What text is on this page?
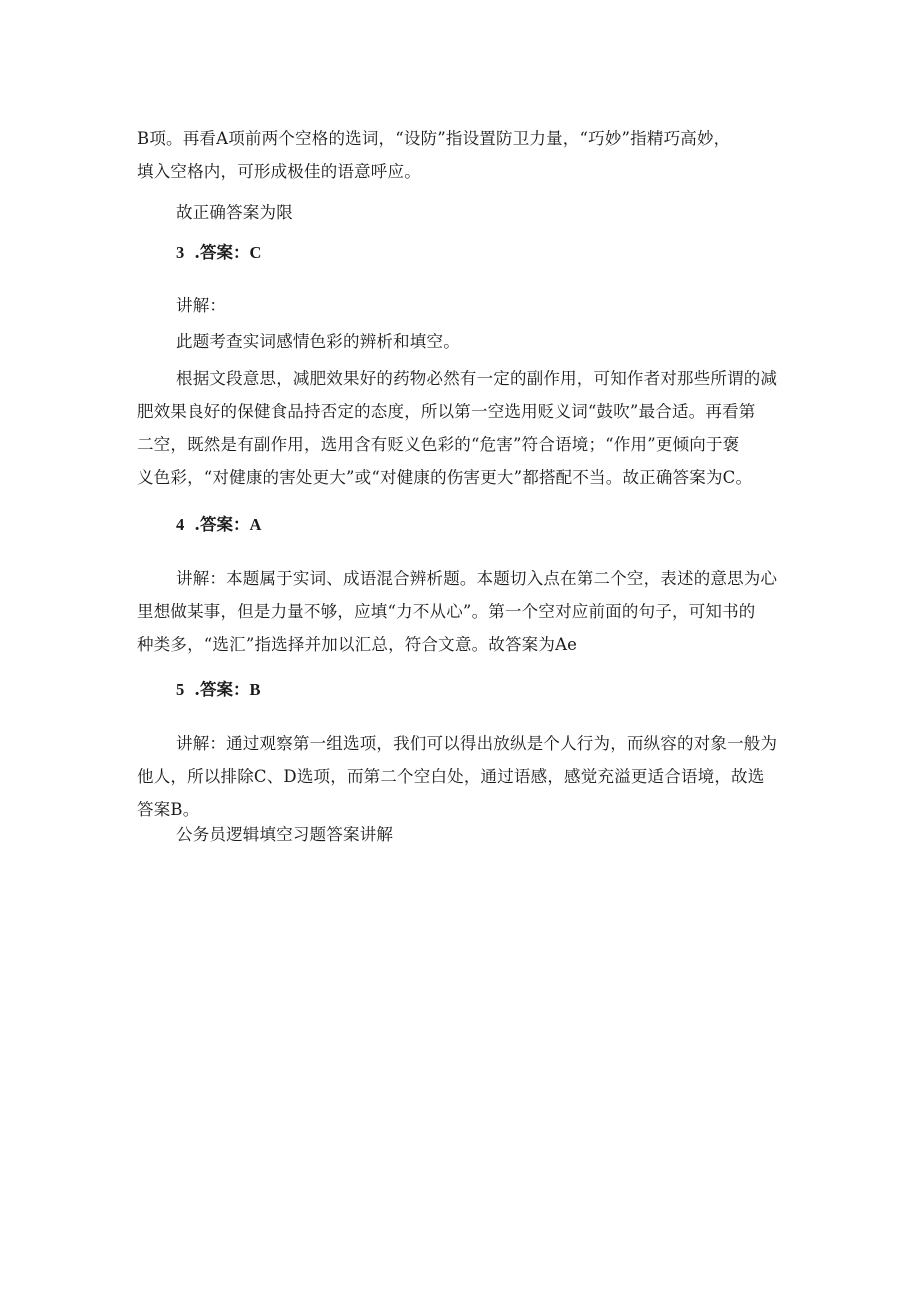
B项。再看A项前两个空格的选词，“设防”指设置防卫力量，“巧妙”指精巧高妙，
填入空格内，可形成极佳的语意呼应。

故正确答案为限

3 .答案：C

讲解：

此题考查实词感情色彩的辨析和填空。

根据文段意思，减肥效果好的药物必然有一定的副作用，可知作者对那些所谓的减
肥效果良好的保健食品持否定的态度，所以第一空选用贬义词“鼓吹”最合适。再看第
二空，既然是有副作用，选用含有贬义色彩的“危害”符合语境；“作用”更倾向于褒
义色彩，“对健康的害处更大”或“对健康的伤害更大”都搭配不当。故正确答案为C。

4 .答案：A

讲解：本题属于实词、成语混合辨析题。本题切入点在第二个空，表述的意思为心
里想做某事，但是力量不够，应填“力不从心”。第一个空对应前面的句子，可知书的
种类多，“选汇”指选择并加以汇总，符合文意。故答案为Ae

5 .答案：B

讲解：通过观察第一组选项，我们可以得出放纵是个人行为，而纵容的对象一般为
他人，所以排除C、D选项，而第二个空白处，通过语感，感觉充溢更适合语境，故选
答案B。

公务员逻辑填空习题答案讲解
